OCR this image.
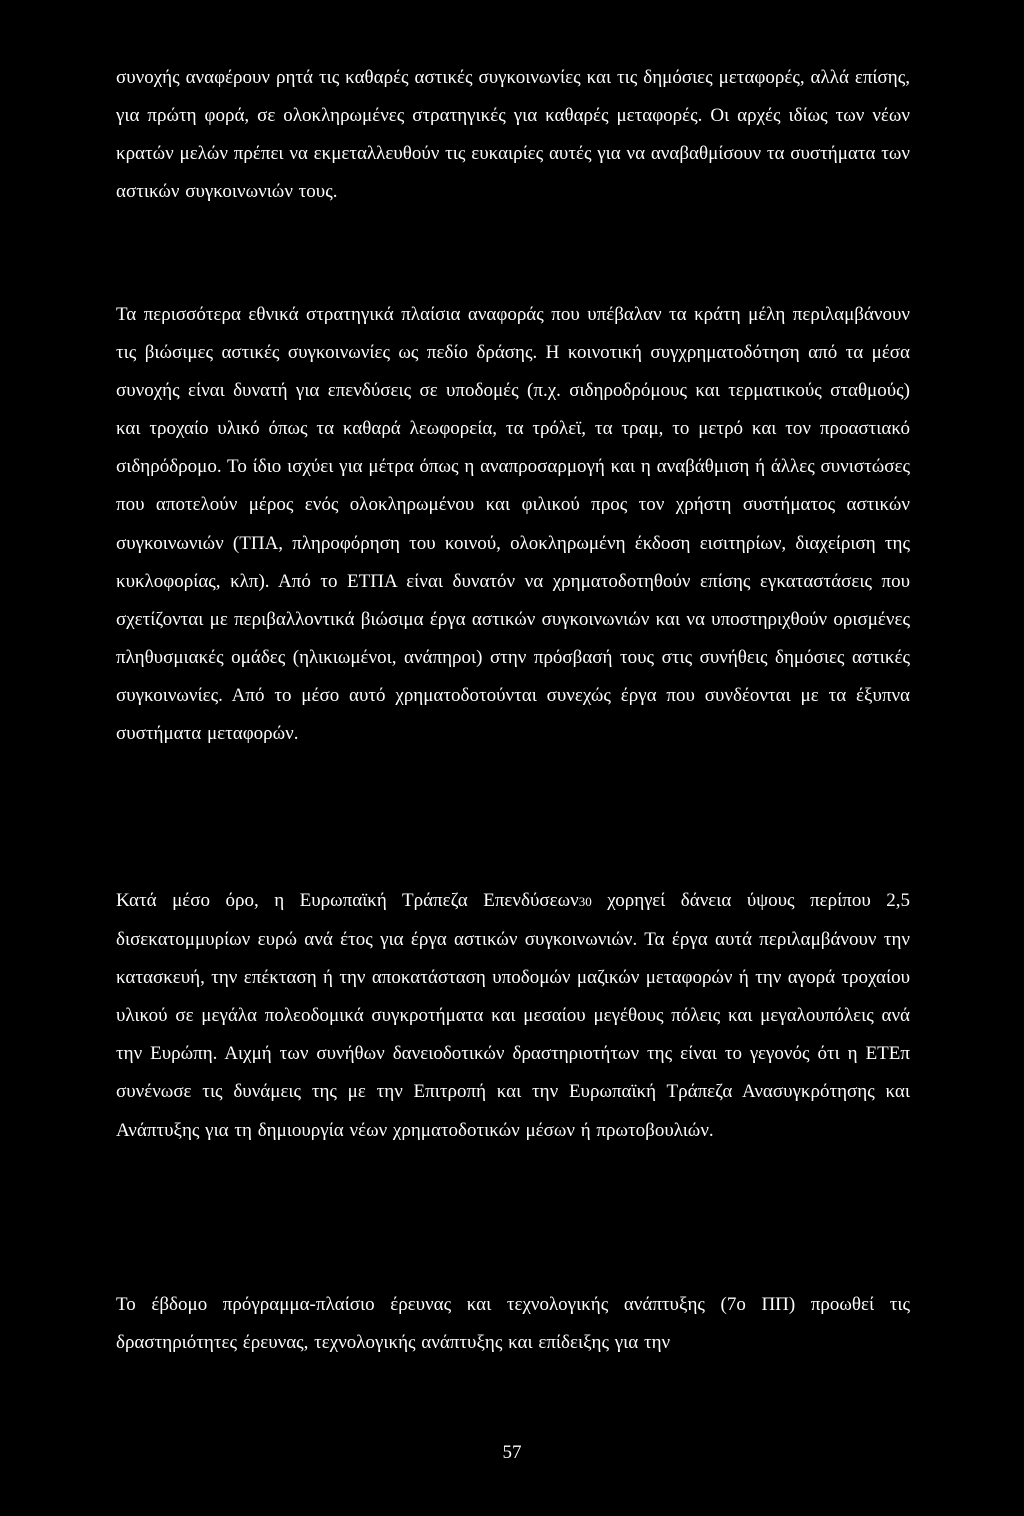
συνοχής αναφέρουν ρητά τις καθαρές αστικές συγκοινωνίες και τις δημόσιες μεταφορές, αλλά επίσης, για πρώτη φορά, σε ολοκληρωμένες στρατηγικές για καθαρές μεταφορές. Οι αρχές ιδίως των νέων κρατών μελών πρέπει να εκμεταλλευθούν τις ευκαιρίες αυτές για να αναβαθμίσουν τα συστήματα των αστικών συγκοινωνιών τους.

Τα περισσότερα εθνικά στρατηγικά πλαίσια αναφοράς που υπέβαλαν τα κράτη μέλη περιλαμβάνουν τις βιώσιμες αστικές συγκοινωνίες ως πεδίο δράσης. Η κοινοτική συγχρηματοδότηση από τα μέσα συνοχής είναι δυνατή για επενδύσεις σε υποδομές (π.χ. σιδηροδρόμους και τερματικούς σταθμούς) και τροχαίο υλικό όπως τα καθαρά λεωφορεία, τα τρόλεϊ, τα τραμ, το μετρό και τον προαστιακό σιδηρόδρομο. Το ίδιο ισχύει για μέτρα όπως η αναπροσαρμογή και η αναβάθμιση ή άλλες συνιστώσες που αποτελούν μέρος ενός ολοκληρωμένου και φιλικού προς τον χρήστη συστήματος αστικών συγκοινωνιών (ΤΠΑ, πληροφόρηση του κοινού, ολοκληρωμένη έκδοση εισιτηρίων, διαχείριση της κυκλοφορίας, κλπ). Από το ΕΤΠΑ είναι δυνατόν να χρηματοδοτηθούν επίσης εγκαταστάσεις που σχετίζονται με περιβαλλοντικά βιώσιμα έργα αστικών συγκοινωνιών και να υποστηριχθούν ορισμένες πληθυσμιακές ομάδες (ηλικιωμένοι, ανάπηροι) στην πρόσβασή τους στις συνήθεις δημόσιες αστικές συγκοινωνίες. Από το μέσο αυτό χρηματοδοτούνται συνεχώς έργα που συνδέονται με τα έξυπνα συστήματα μεταφορών.

Κατά μέσο όρο, η Ευρωπαϊκή Τράπεζα Επενδύσεων30 χορηγεί δάνεια ύψους περίπου 2,5 δισεκατομμυρίων ευρώ ανά έτος για έργα αστικών συγκοινωνιών. Τα έργα αυτά περιλαμβάνουν την κατασκευή, την επέκταση ή την αποκατάσταση υποδομών μαζικών μεταφορών ή την αγορά τροχαίου υλικού σε μεγάλα πολεοδομικά συγκροτήματα και μεσαίου μεγέθους πόλεις και μεγαλουπόλεις ανά την Ευρώπη. Αιχμή των συνήθων δανειοδοτικών δραστηριοτήτων της είναι το γεγονός ότι η ΕΤΕπ συνένωσε τις δυνάμεις της με την Επιτροπή και την Ευρωπαϊκή Τράπεζα Ανασυγκρότησης και Ανάπτυξης για τη δημιουργία νέων χρηματοδοτικών μέσων ή πρωτοβουλιών.

Το έβδομο πρόγραμμα-πλαίσιο έρευνας και τεχνολογικής ανάπτυξης (7ο ΠΠ) προωθεί τις δραστηριότητες έρευνας, τεχνολογικής ανάπτυξης και επίδειξης για την

57
